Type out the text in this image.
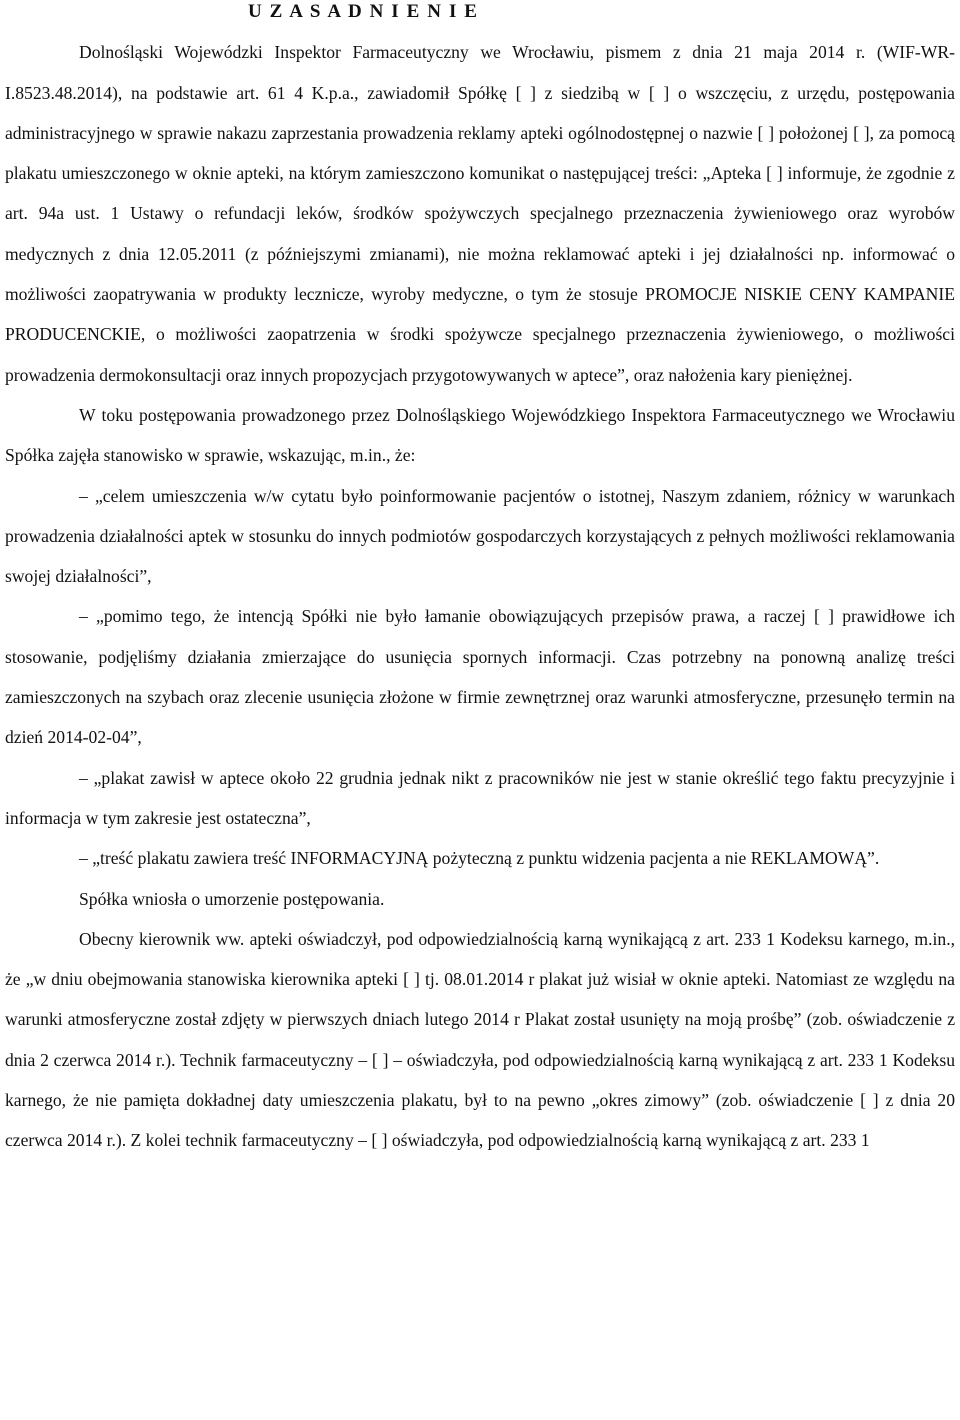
U Z A S A D N I E N I E

Dolnośląski Wojewódzki Inspektor Farmaceutyczny we Wrocławiu, pismem z dnia 21 maja 2014 r. (WIF-WR-I.8523.48.2014), na podstawie art. 61 4 K.p.a., zawiadomił Spółkę [ ] z siedzibą w [ ] o wszczęciu, z urzędu, postępowania administracyjnego w sprawie nakazu zaprzestania prowadzenia reklamy apteki ogólnodostępnej o nazwie [ ] położonej [ ], za pomocą plakatu umieszczonego w oknie apteki, na którym zamieszczono komunikat o następującej treści: „Apteka [ ] informuje, że zgodnie z art. 94a ust. 1 Ustawy o refundacji leków, środków spożywczych specjalnego przeznaczenia żywieniowego oraz wyrobów medycznych z dnia 12.05.2011 (z późniejszymi zmianami), nie można reklamować apteki i jej działalności np. informować o możliwości zaopatrywania w produkty lecznicze, wyroby medyczne, o tym że stosuje PROMOCJE NISKIE CENY KAMPANIE PRODUCENCKIE, o możliwości zaopatrzenia w środki spożywcze specjalnego przeznaczenia żywieniowego, o możliwości prowadzenia dermokonsultacji oraz innych propozycjach przygotowywanych w aptece”, oraz nałożenia kary pieniężnej.

W toku postępowania prowadzonego przez Dolnośląskiego Wojewódzkiego Inspektora Farmaceutycznego we Wrocławiu Spółka zajęła stanowisko w sprawie, wskazując, m.in., że:

– „celem umieszczenia w/w cytatu było poinformowanie pacjentów o istotnej, Naszym zdaniem, różnicy w warunkach prowadzenia działalności aptek w stosunku do innych podmiotów gospodarczych korzystających z pełnych możliwości reklamowania swojej działalności”,

– „pomimo tego, że intencją Spółki nie było łamanie obowiązujących przepisów prawa, a raczej [ ] prawidłowe ich stosowanie, podjęliśmy działania zmierzające do usunięcia spornych informacji. Czas potrzebny na ponowną analizę treści zamieszczonych na szybach oraz zlecenie usunięcia złożone w firmie zewnętrznej oraz warunki atmosferyczne, przesunęło termin na dzień 2014-02-04”,

– „plakat zawisł w aptece około 22 grudnia jednak nikt z pracowników nie jest w stanie określić tego faktu precyzyjnie i informacja w tym zakresie jest ostateczna”,

– „treść plakatu zawiera treść INFORMACYJNĄ pożyteczną z punktu widzenia pacjenta a nie REKLAMOWĄ”.

Spółka wniosła o umorzenie postępowania.

Obecny kierownik ww. apteki oświadczył, pod odpowiedzialnością karną wynikającą z art. 233 1 Kodeksu karnego, m.in., że „w dniu obejmowania stanowiska kierownika apteki [ ] tj. 08.01.2014 r plakat już wisiał w oknie apteki. Natomiast ze względu na warunki atmosferyczne został zdjęty w pierwszych dniach lutego 2014 r Plakat został usunięty na moją prośbę” (zob. oświadczenie z dnia 2 czerwca 2014 r.). Technik farmaceutyczny – [ ] – oświadczyła, pod odpowiedzialnością karną wynikającą z art. 233 1 Kodeksu karnego, że nie pamięta dokładnej daty umieszczenia plakatu, był to na pewno „okres zimowy” (zob. oświadczenie [ ] z dnia 20 czerwca 2014 r.). Z kolei technik farmaceutyczny – [ ] oświadczyła, pod odpowiedzialnością karną wynikającą z art. 233 1
